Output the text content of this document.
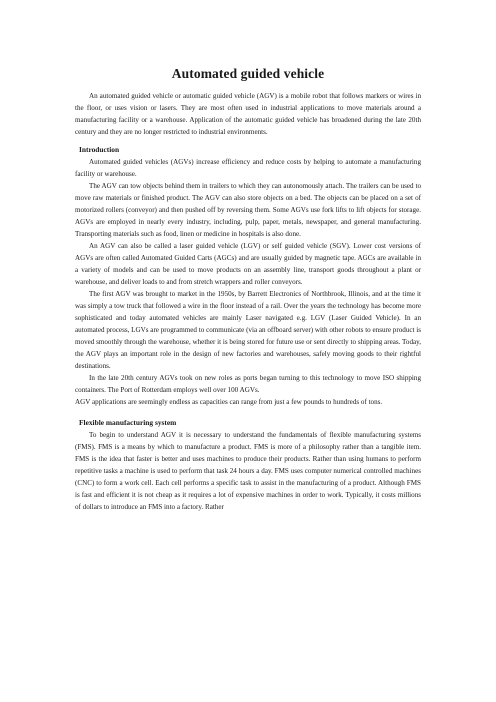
Automated guided vehicle

An automated guided vehicle or automatic guided vehicle (AGV) is a mobile robot that follows markers or wires in the floor, or uses vision or lasers. They are most often used in industrial applications to move materials around a manufacturing facility or a warehouse. Application of the automatic guided vehicle has broadened during the late 20th century and they are no longer restricted to industrial environments.

Introduction

Automated guided vehicles (AGVs) increase efficiency and reduce costs by helping to automate a manufacturing facility or warehouse.

The AGV can tow objects behind them in trailers to which they can autonomously attach. The trailers can be used to move raw materials or finished product. The AGV can also store objects on a bed. The objects can be placed on a set of motorized rollers (conveyor) and then pushed off by reversing them. Some AGVs use fork lifts to lift objects for storage. AGVs are employed in nearly every industry, including, pulp, paper, metals, newspaper, and general manufacturing. Transporting materials such as food, linen or medicine in hospitals is also done.

An AGV can also be called a laser guided vehicle (LGV) or self guided vehicle (SGV). Lower cost versions of AGVs are often called Automated Guided Carts (AGCs) and are usually guided by magnetic tape. AGCs are available in a variety of models and can be used to move products on an assembly line, transport goods throughout a plant or warehouse, and deliver loads to and from stretch wrappers and roller conveyors.

The first AGV was brought to market in the 1950s, by Barrett Electronics of Northbrook, Illinois, and at the time it was simply a tow truck that followed a wire in the floor instead of a rail. Over the years the technology has become more sophisticated and today automated vehicles are mainly Laser navigated e.g. LGV (Laser Guided Vehicle). In an automated process, LGVs are programmed to communicate (via an offboard server) with other robots to ensure product is moved smoothly through the warehouse, whether it is being stored for future use or sent directly to shipping areas. Today, the AGV plays an important role in the design of new factories and warehouses, safely moving goods to their rightful destinations.

In the late 20th century AGVs took on new roles as ports began turning to this technology to move ISO shipping containers. The Port of Rotterdam employs well over 100 AGVs.

AGV applications are seemingly endless as capacities can range from just a few pounds to hundreds of tons.

Flexible manufacturing system

To begin to understand AGV it is necessary to understand the fundamentals of flexible manufacturing systems (FMS). FMS is a means by which to manufacture a product. FMS is more of a philosophy rather than a tangible item. FMS is the idea that faster is better and uses machines to produce their products. Rather than using humans to perform repetitive tasks a machine is used to perform that task 24 hours a day. FMS uses computer numerical controlled machines (CNC) to form a work cell. Each cell performs a specific task to assist in the manufacturing of a product. Although FMS is fast and efficient it is not cheap as it requires a lot of expensive machines in order to work. Typically, it costs millions of dollars to introduce an FMS into a factory. Rather
